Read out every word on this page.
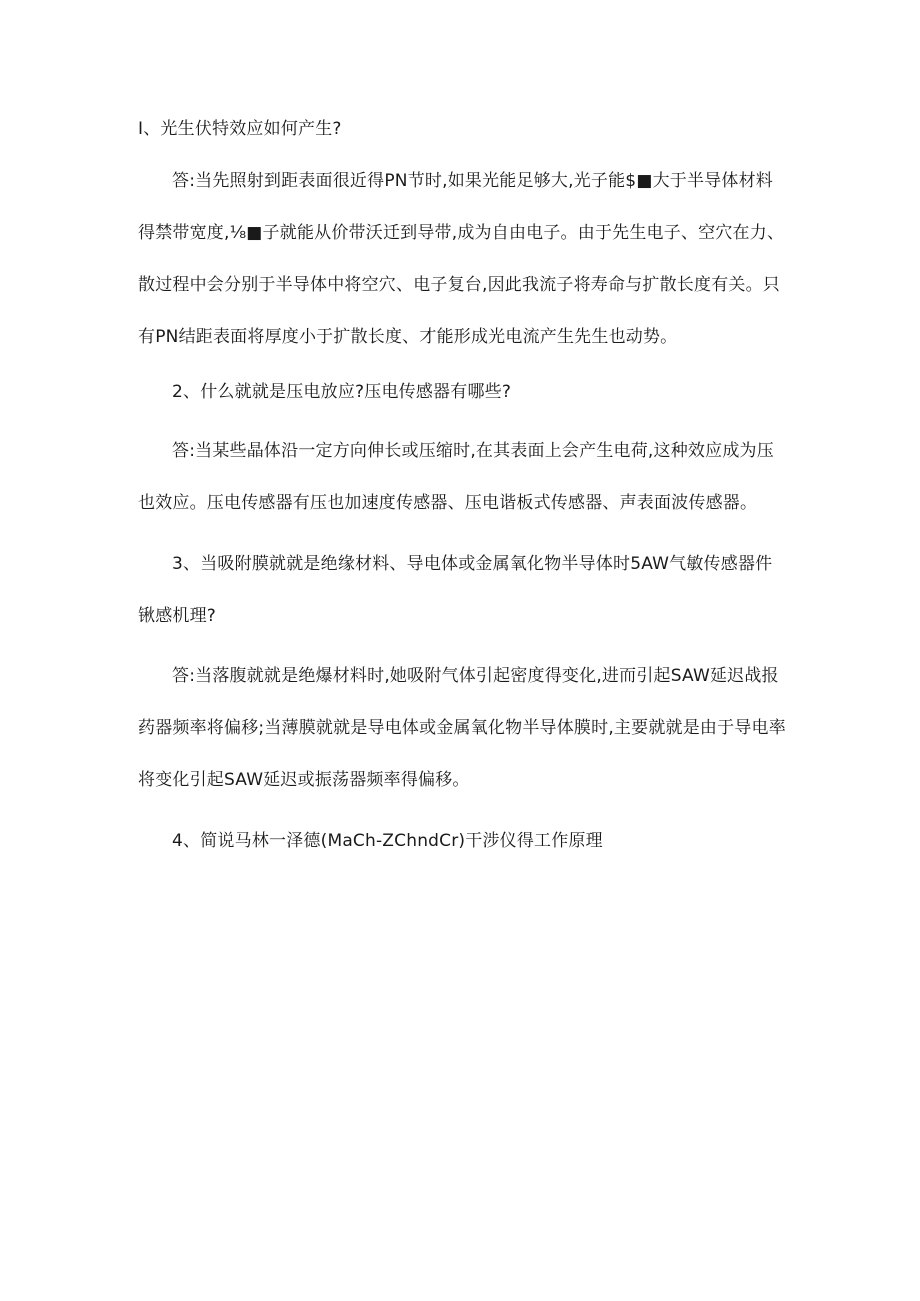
I、光生伏特效应如何产生?

答:当先照射到距表面很近得PN节时,如果光能足够大,光子能$■大于半导体材料得禁带宽度,⅛■子就能从价带沃迁到导带,成为自由电子。由于先生电子、空穴在力、散过程中会分别于半导体中将空穴、电子复台,因此我流子将寿命与扩散长度有关。只有PN结距表面将厚度小于扩散长度、才能形成光电流产生先生也动势。

2、什么就就是压电放应?压电传感器有哪些?

答:当某些晶体沿一定方向伸长或压缩时,在其表面上会产生电荷,这种效应成为压也效应。压电传感器有压也加速度传感器、压电谐板式传感器、声表面波传感器。

3、当吸附膜就就是绝缘材料、导电体或金属氧化物半导体时5AW气敏传感器件锹感机理?

答:当落腹就就是绝爆材料时,她吸附气体引起密度得变化,进而引起SAW延迟战报药器频率将偏移;当薄膜就就是导电体或金属氧化物半导体膜时,主要就就是由于导电率将变化引起SAW延迟或振荡器频率得偏移。

4、简说马林一泽德(MaCh-ZChndCr)干涉仪得工作原理
